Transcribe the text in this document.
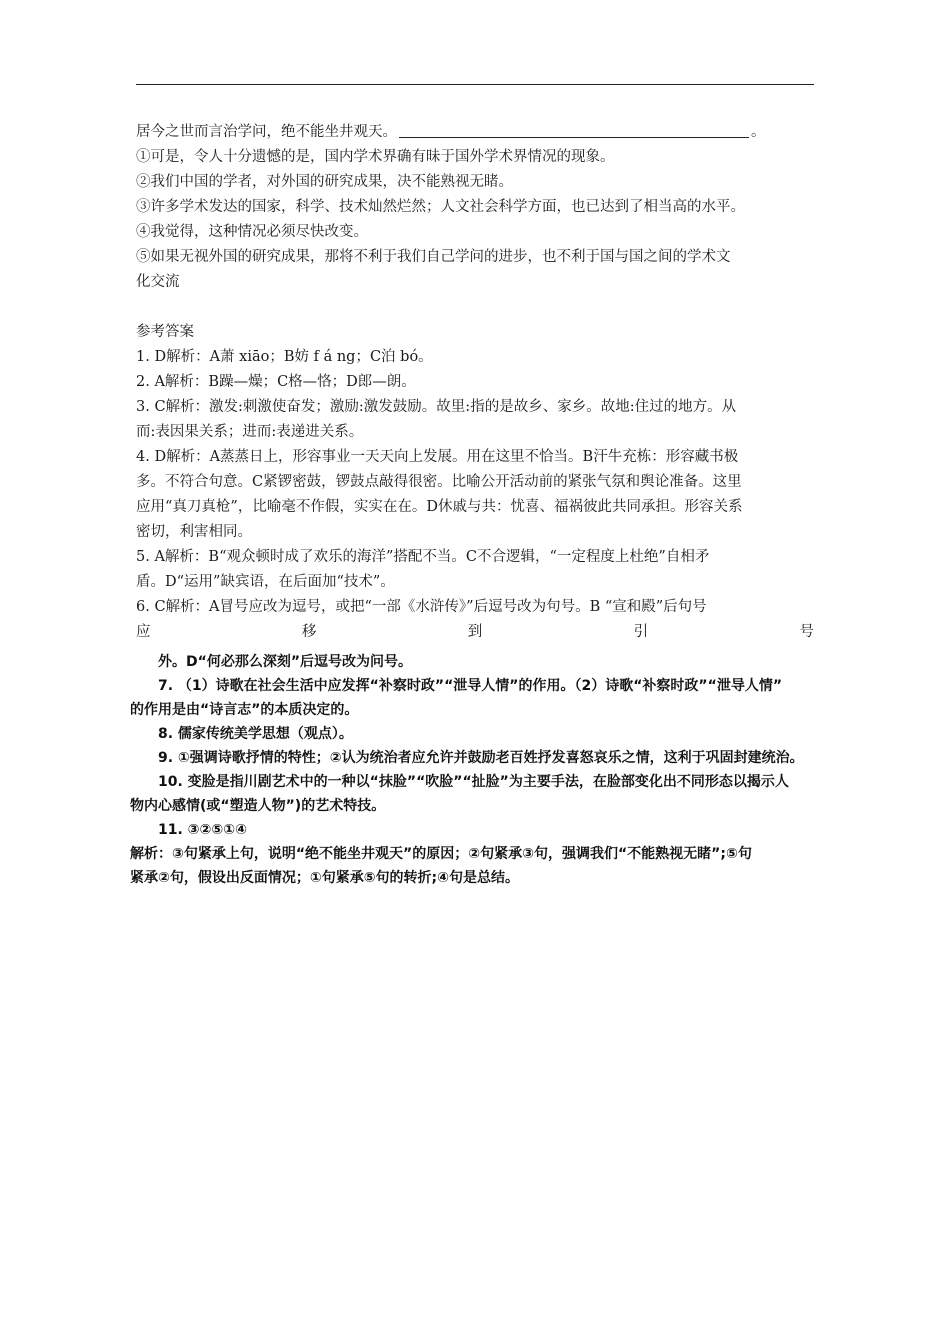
居今之世而言治学问，绝不能坐井观天。	。
①可是，令人十分遗憾的是，国内学术界确有昧于国外学术界情况的现象。
②我们中国的学者，对外国的研究成果，决不能熟视无睹。
③许多学术发达的国家，科学、技术灿然烂然；人文社会科学方面，也已达到了相当高的水平。
④我觉得，这种情况必须尽快改变。
⑤如果无视外国的研究成果，那将不利于我们自己学问的进步，也不利于国与国之间的学术文
化交流
参考答案
1. D解析：A萧 xiāo；B妨 f á ng；C泊 bó。
2. A解析：B躁—燥；C格—恪；D郎—朗。
3. C解析：激发:刺激使奋发；激励:激发鼓励。故里:指的是故乡、家乡。故地:住过的地方。从
而:表因果关系；进而:表递进关系。
4. D解析：A蒸蒸日上，形容事业一天天向上发展。用在这里不恰当。B汗牛充栋：形容藏书极
多。不符合句意。C紧锣密鼓，锣鼓点敲得很密。比喻公开活动前的紧张气氛和舆论准备。这里
应用“真刀真枪”，比喻毫不作假，实实在在。D休戚与共：忧喜、福祸彼此共同承担。形容关系
密切，利害相同。
5. A解析：B“观众顿时成了欢乐的海洋”搭配不当。C不合逻辑，“一定程度上杜绝”自相矛
盾。D“运用”缺宾语，在后面加“技术”。
6. C解析：A冒号应改为逗号，或把“一部《水浒传》”后逗号改为句号。B “宣和殿”后句号
应	移	到	引	号
外。D“何必那么深刻”后逗号改为问号。
7. （1）诗歌在社会生活中应发挥“补察时政”“泄导人情”的作用。（2）诗歌“补察时政”“泄导人情”
的作用是由“诗言志”的本质决定的。
8. 儒家传统美学思想（观点）。
9. ①强调诗歌抒情的特性；②认为统治者应允许并鼓励老百姓抒发喜怒哀乐之情，这利于巩固封建统治。
10. 变脸是指川剧艺术中的一种以“抹脸”“吹脸”“扯脸”为主要手法，在脸部变化出不同形态以揭示人
物内心感情(或“塑造人物”)的艺术特技。
11. ③②⑤①④
解析：③句紧承上句，说明“绝不能坐井观天”的原因；②句紧承③句，强调我们“不能熟视无睹”;⑤句
紧承②句，假设出反面情况；①句紧承⑤句的转折;④句是总结。
